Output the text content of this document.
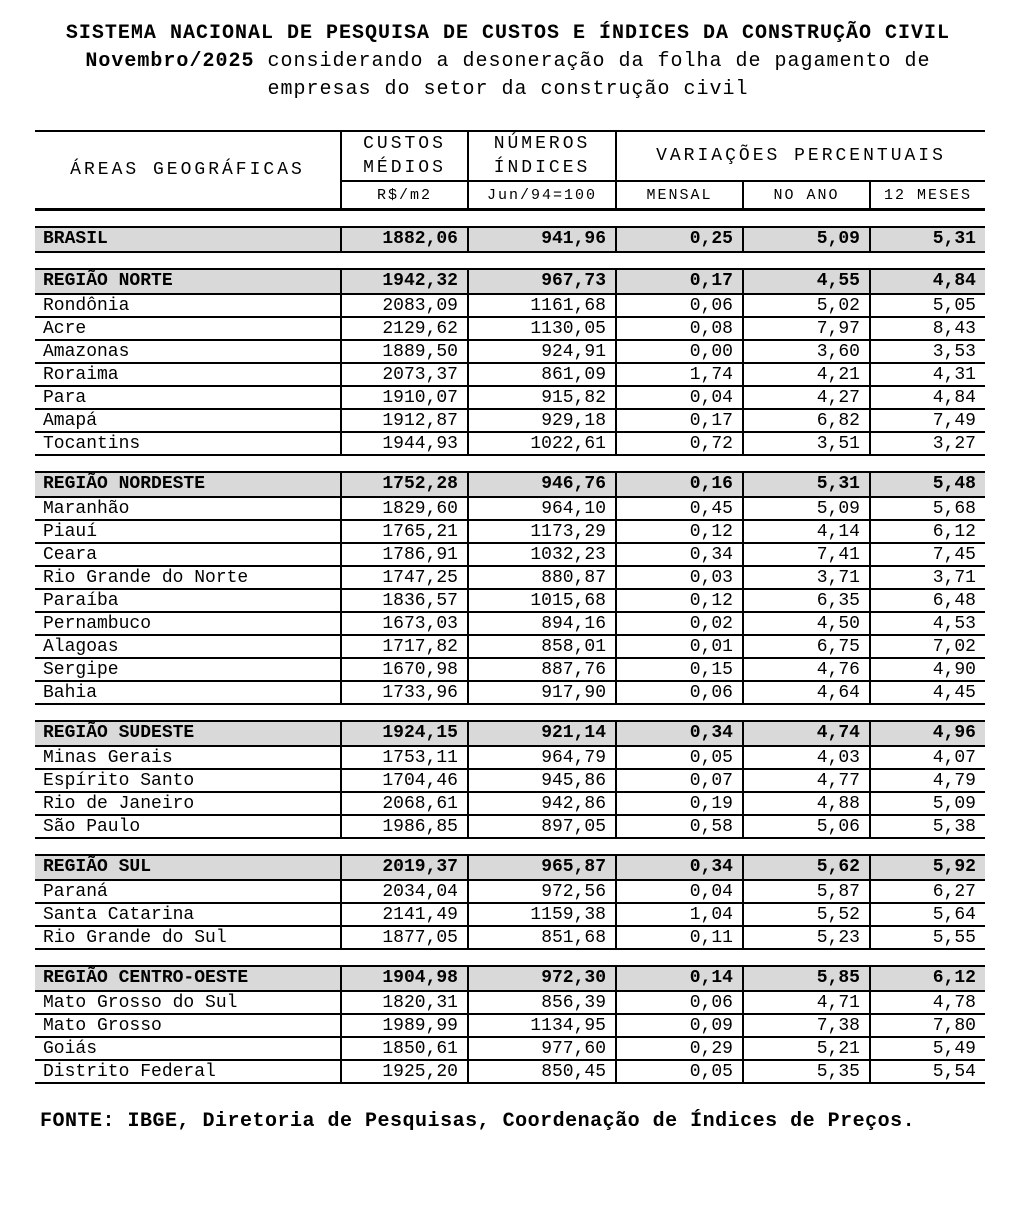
SISTEMA NACIONAL DE PESQUISA DE CUSTOS E ÍNDICES DA CONSTRUÇÃO CIVIL
Novembro/2025 considerando a desoneração da folha de pagamento de
empresas do setor da construção civil
ÁREAS GEOGRÁFICAS
CUSTOS MÉDIOS
NÚMEROS ÍNDICES
VARIAÇÕES PERCENTUAIS
R$/m2	Jun/94=100	MENSAL	NO ANO	12 MESES
BRASIL	1882,06	941,96	0,25	5,09	5,31
REGIÃO NORTE	1942,32	967,73	0,17	4,55	4,84
Rondônia	2083,09	1161,68	0,06	5,02	5,05
Acre	2129,62	1130,05	0,08	7,97	8,43
Amazonas	1889,50	924,91	0,00	3,60	3,53
Roraima	2073,37	861,09	1,74	4,21	4,31
Para	1910,07	915,82	0,04	4,27	4,84
Amapá	1912,87	929,18	0,17	6,82	7,49
Tocantins	1944,93	1022,61	0,72	3,51	3,27
REGIÃO NORDESTE	1752,28	946,76	0,16	5,31	5,48
Maranhão	1829,60	964,10	0,45	5,09	5,68
Piauí	1765,21	1173,29	0,12	4,14	6,12
Ceara	1786,91	1032,23	0,34	7,41	7,45
Rio Grande do Norte	1747,25	880,87	0,03	3,71	3,71
Paraíba	1836,57	1015,68	0,12	6,35	6,48
Pernambuco	1673,03	894,16	0,02	4,50	4,53
Alagoas	1717,82	858,01	0,01	6,75	7,02
Sergipe	1670,98	887,76	0,15	4,76	4,90
Bahia	1733,96	917,90	0,06	4,64	4,45
REGIÃO SUDESTE	1924,15	921,14	0,34	4,74	4,96
Minas Gerais	1753,11	964,79	0,05	4,03	4,07
Espírito Santo	1704,46	945,86	0,07	4,77	4,79
Rio de Janeiro	2068,61	942,86	0,19	4,88	5,09
São Paulo	1986,85	897,05	0,58	5,06	5,38
REGIÃO SUL	2019,37	965,87	0,34	5,62	5,92
Paraná	2034,04	972,56	0,04	5,87	6,27
Santa Catarina	2141,49	1159,38	1,04	5,52	5,64
Rio Grande do Sul	1877,05	851,68	0,11	5,23	5,55
REGIÃO CENTRO-OESTE	1904,98	972,30	0,14	5,85	6,12
Mato Grosso do Sul	1820,31	856,39	0,06	4,71	4,78
Mato Grosso	1989,99	1134,95	0,09	7,38	7,80
Goiás	1850,61	977,60	0,29	5,21	5,49
Distrito Federal	1925,20	850,45	0,05	5,35	5,54
FONTE: IBGE, Diretoria de Pesquisas, Coordenação de Índices de Preços.
